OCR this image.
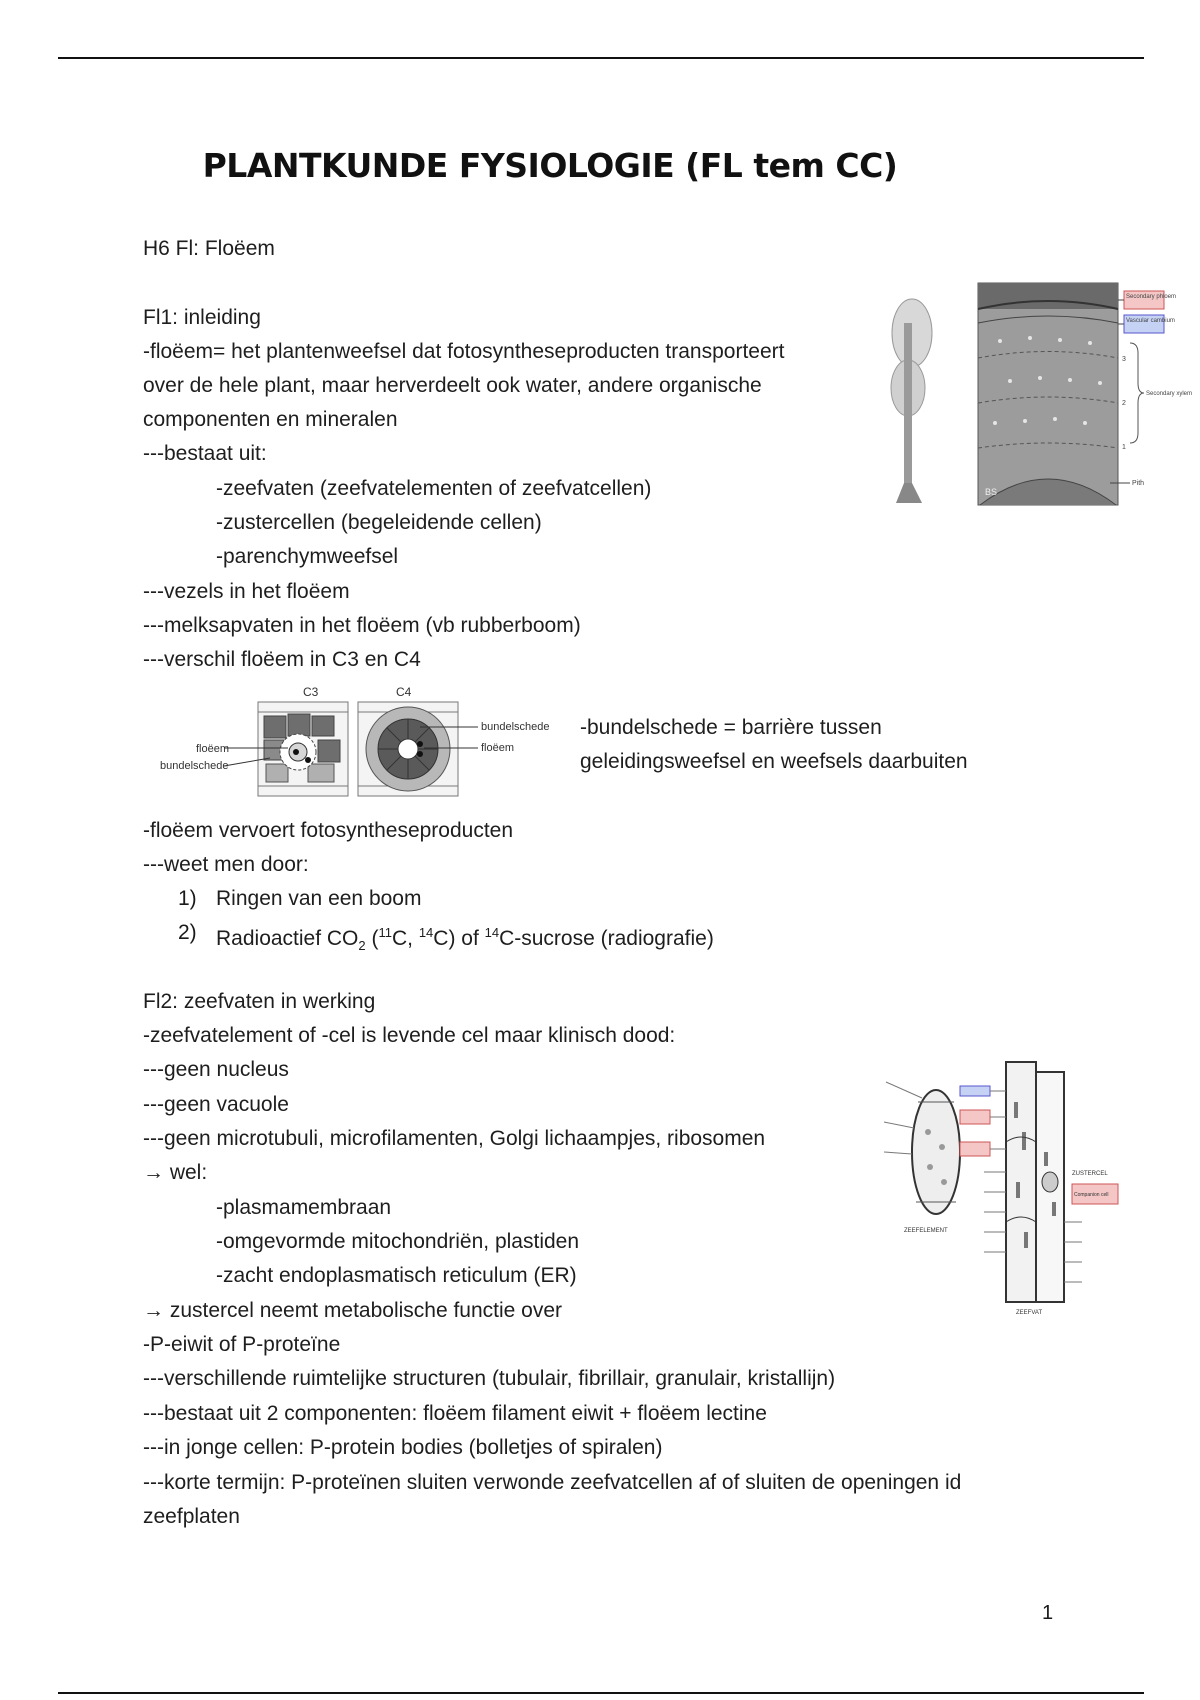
PLANTKUNDE FYSIOLOGIE (FL tem CC)
H6 Fl: Floëem
Fl1: inleiding
-floëem= het plantenweefsel dat fotosyntheseproducten transporteert
over de hele plant, maar herverdeelt ook water, andere organische
componenten en mineralen
---bestaat uit:
-zeefvaten (zeefvatelementen of zeefvatcellen)
-zustercellen (begeleidende cellen)
-parenchymweefsel
---vezels in het floëem
---melksapvaten in het floëem (vb rubberboom)
---verschil floëem in C3 en C4
C3	C4
floëem
bundelschede
bundelschede
floëem
-bundelschede = barrière tussen
geleidingsweefsel en weefsels daarbuiten
-floëem vervoert fotosyntheseproducten
---weet men door:
1) Ringen van een boom
2) Radioactief $CO_2$ ($^{11}$C, $^{14}$C) of $^{14}$C-sucrose (radiografie)
BS
Secondary phloem
Vascular cambium
Secondary xylem
3
2
1
Pith
Fl2: zeefvaten in werking
-zeefvatelement of -cel is levende cel maar klinisch dood:
---geen nucleus
---geen vacuole
---geen microtubuli, microfilamenten, Golgi lichaampjes, ribosomen
→ wel:
-plasmamembraan
-omgevormde mitochondriën, plastiden
-zacht endoplasmatisch reticulum (ER)
→ zustercel neemt metabolische functie over
-P-eiwit of P-proteïne
---verschillende ruimtelijke structuren (tubulair, fibrillair, granulair, kristallijn)
---bestaat uit 2 componenten: floëem filament eiwit + floëem lectine
---in jonge cellen: P-protein bodies (bolletjes of spiralen)
---korte termijn: P-proteïnen sluiten verwonde zeefvatcellen af of sluiten de openingen id
zeefplaten
ZEEFELEMENT
ZUSTERCEL
Companion cell
ZEEFVAT
1
